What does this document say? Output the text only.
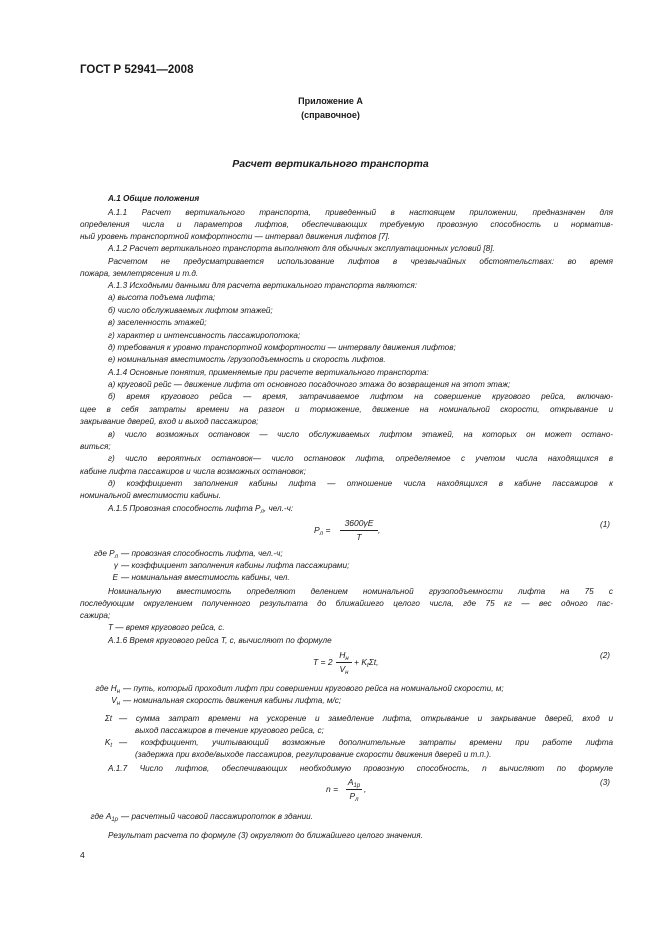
ГОСТ Р 52941—2008
Приложение А
(справочное)
Расчет вертикального транспорта
А.1 Общие положения
А.1.1 Расчет вертикального транспорта, приведенный в настоящем приложении, предназначен для
определения числа и параметров лифтов, обеспечивающих требуемую провозную способность и норматив-
ный уровень транспортной комфортности — интервал движения лифтов [7].
А.1.2 Расчет вертикального транспорта выполняют для обычных эксплуатационных условий [8].
Расчетом не предусматривается использование лифтов в чрезвычайных обстоятельствах: во время
пожара, землетрясения и т.д.
А.1.3 Исходными данными для расчета вертикального транспорта являются:
а) высота подъема лифта;
б) число обслуживаемых лифтом этажей;
в) заселенность этажей;
г) характер и интенсивность пассажиропотока;
д) требования к уровню транспортной комфортности — интервалу движения лифтов;
е) номинальная вместимость /грузоподъемность и скорость лифтов.
А.1.4 Основные понятия, применяемые при расчете вертикального транспорта:
а) круговой рейс — движение лифта от основного посадочного этажа до возвращения на этот этаж;
б) время кругового рейса — время, затрачиваемое лифтом на совершение кругового рейса, включаю-
щее в себя затраты времени на разгон и торможение, движение на номинальной скорости, открывание и
закрывание дверей, вход и выход пассажиров;
в) число возможных остановок — число обслуживаемых лифтом этажей, на которых он может остано-
виться;
г) число вероятных остановок— число остановок лифта, определяемое с учетом числа находящихся в
кабине лифта пассажиров и числа возможных остановок;
д) коэффициент заполнения кабины лифта — отношение числа находящихся в кабине пассажиров к
номинальной вместимости кабины.
А.1.5 Провозная способность лифта $P_л$, чел.-ч:
$P_л$ =
3600γE
T
,
(1)
где $P_л$ — провозная способность лифта, чел.-ч;
γ — коэффициент заполнения кабины лифта пассажирами;
E — номинальная вместимость кабины, чел.
Номинальную вместимость определяют делением номинальной грузоподъемности лифта на 75 с
последующим округлением полученного результата до ближайшего целого числа, где 75 кг — вес одного пас-
сажира;
T — время кругового рейса, с.
А.1.6 Время кругового рейса T, с, вычисляют по формуле
T = 2
$H_н$
$V_н$
+ $K_t\Sigma t$,
(2)
где $H_н$ — путь, который проходит лифт при совершении кругового рейса на номинальной скорости, м;
$V_н$ — номинальная скорость движения кабины лифта, м/с;
Σt — сумма затрат времени на ускорение и замедление лифта, открывание и закрывание дверей, вход и
выход пассажиров в течение кругового рейса, с;
$K_t$ — коэффициент, учитывающий возможные дополнительные затраты времени при работе лифта
(задержка при входе/выходе пассажиров, регулирование скорости движения дверей и т.п.).
А.1.7 Число лифтов, обеспечивающих необходимую провозную способность, n вычисляют по формуле
n =
$A_{1р}$
$P_л$
,
(3)
где $A_{1р}$ — расчетный часовой пассажиропоток в здании.
Результат расчета по формуле (3) округляют до ближайшего целого значения.
4
